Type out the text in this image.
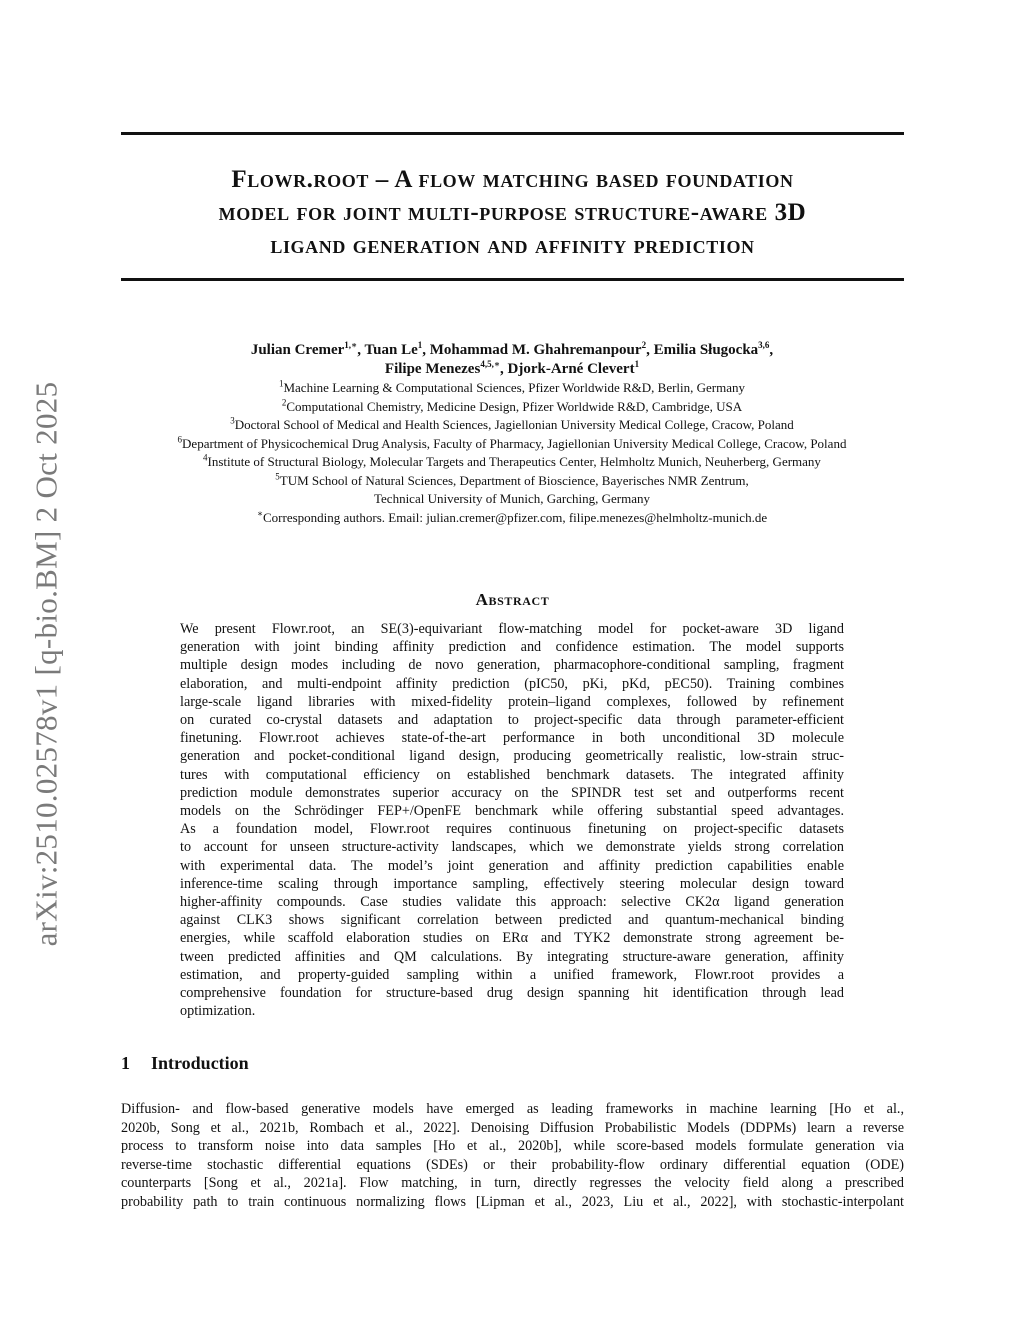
arXiv:2510.02578v1 [q-bio.BM] 2 Oct 2025
Flowr.root – A flow matching based foundation
model for joint multi-purpose structure-aware 3D
ligand generation and affinity prediction
Julian Cremer$^{1,∗}$, Tuan Le$^1$, Mohammad M. Ghahremanpour$^2$, Emilia Sługocka$^{3,6}$,
Filipe Menezes$^{4,5,∗}$, Djork-Arné Clevert$^1$
$^1$Machine Learning & Computational Sciences, Pfizer Worldwide R&D, Berlin, Germany
$^2$Computational Chemistry, Medicine Design, Pfizer Worldwide R&D, Cambridge, USA
$^3$Doctoral School of Medical and Health Sciences, Jagiellonian University Medical College, Cracow, Poland
$^6$Department of Physicochemical Drug Analysis, Faculty of Pharmacy, Jagiellonian University Medical College, Cracow, Poland
$^4$Institute of Structural Biology, Molecular Targets and Therapeutics Center, Helmholtz Munich, Neuherberg, Germany
$^5$TUM School of Natural Sciences, Department of Bioscience, Bayerisches NMR Zentrum,
Technical University of Munich, Garching, Germany
∗Corresponding authors. Email: julian.cremer@pfizer.com, filipe.menezes@helmholtz-munich.de
Abstract
We present Flowr.root, an SE(3)-equivariant flow-matching model for pocket-aware 3D ligand
generation with joint binding affinity prediction and confidence estimation. The model supports
multiple design modes including de novo generation, pharmacophore-conditional sampling, fragment
elaboration, and multi-endpoint affinity prediction (pIC50, pKi, pKd, pEC50). Training combines
large-scale ligand libraries with mixed-fidelity protein–ligand complexes, followed by refinement
on curated co-crystal datasets and adaptation to project-specific data through parameter-efficient
finetuning. Flowr.root achieves state-of-the-art performance in both unconditional 3D molecule
generation and pocket-conditional ligand design, producing geometrically realistic, low-strain struc-
tures with computational efficiency on established benchmark datasets. The integrated affinity
prediction module demonstrates superior accuracy on the SPINDR test set and outperforms recent
models on the Schrödinger FEP+/OpenFE benchmark while offering substantial speed advantages.
As a foundation model, Flowr.root requires continuous finetuning on project-specific datasets
to account for unseen structure-activity landscapes, which we demonstrate yields strong correlation
with experimental data. The model’s joint generation and affinity prediction capabilities enable
inference-time scaling through importance sampling, effectively steering molecular design toward
higher-affinity compounds. Case studies validate this approach: selective CK2α ligand generation
against CLK3 shows significant correlation between predicted and quantum-mechanical binding
energies, while scaffold elaboration studies on ERα and TYK2 demonstrate strong agreement be-
tween predicted affinities and QM calculations. By integrating structure-aware generation, affinity
estimation, and property-guided sampling within a unified framework, Flowr.root provides a
comprehensive foundation for structure-based drug design spanning hit identification through lead
optimization.
1 Introduction
Diffusion- and flow-based generative models have emerged as leading frameworks in machine learning [Ho et al.,
2020b, Song et al., 2021b, Rombach et al., 2022]. Denoising Diffusion Probabilistic Models (DDPMs) learn a reverse
process to transform noise into data samples [Ho et al., 2020b], while score-based models formulate generation via
reverse-time stochastic differential equations (SDEs) or their probability-flow ordinary differential equation (ODE)
counterparts [Song et al., 2021a]. Flow matching, in turn, directly regresses the velocity field along a prescribed
probability path to train continuous normalizing flows [Lipman et al., 2023, Liu et al., 2022], with stochastic-interpolant
